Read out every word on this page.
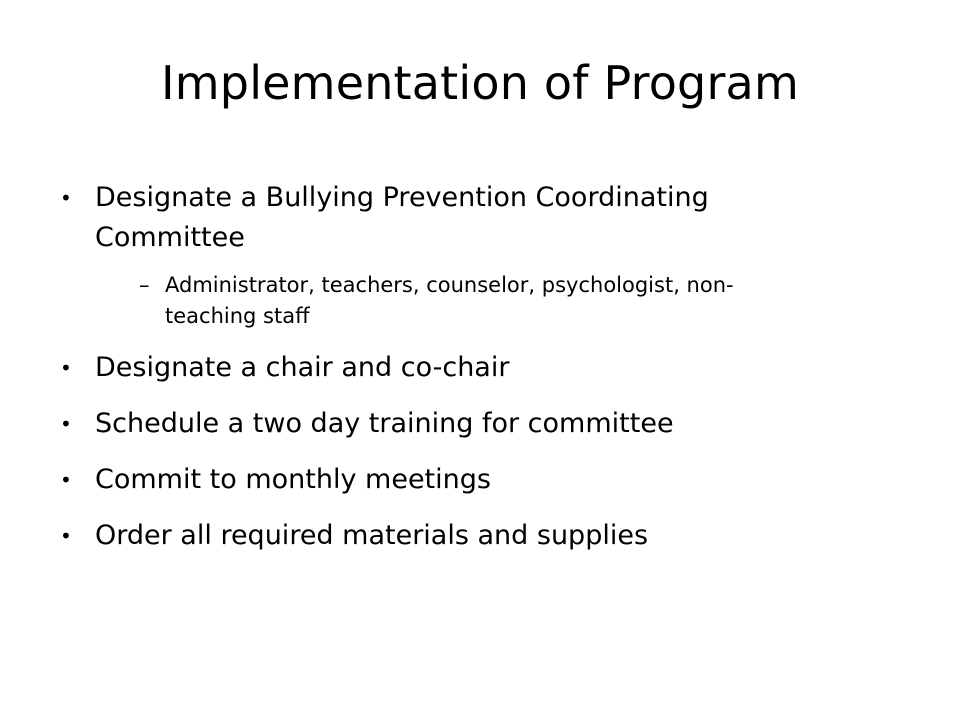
Implementation of Program
• Designate a Bullying Prevention Coordinating
Committee
– Administrator, teachers, counselor, psychologist, non-
teaching staff
• Designate a chair and co-chair
• Schedule a two day training for committee
• Commit to monthly meetings
• Order all required materials and supplies
